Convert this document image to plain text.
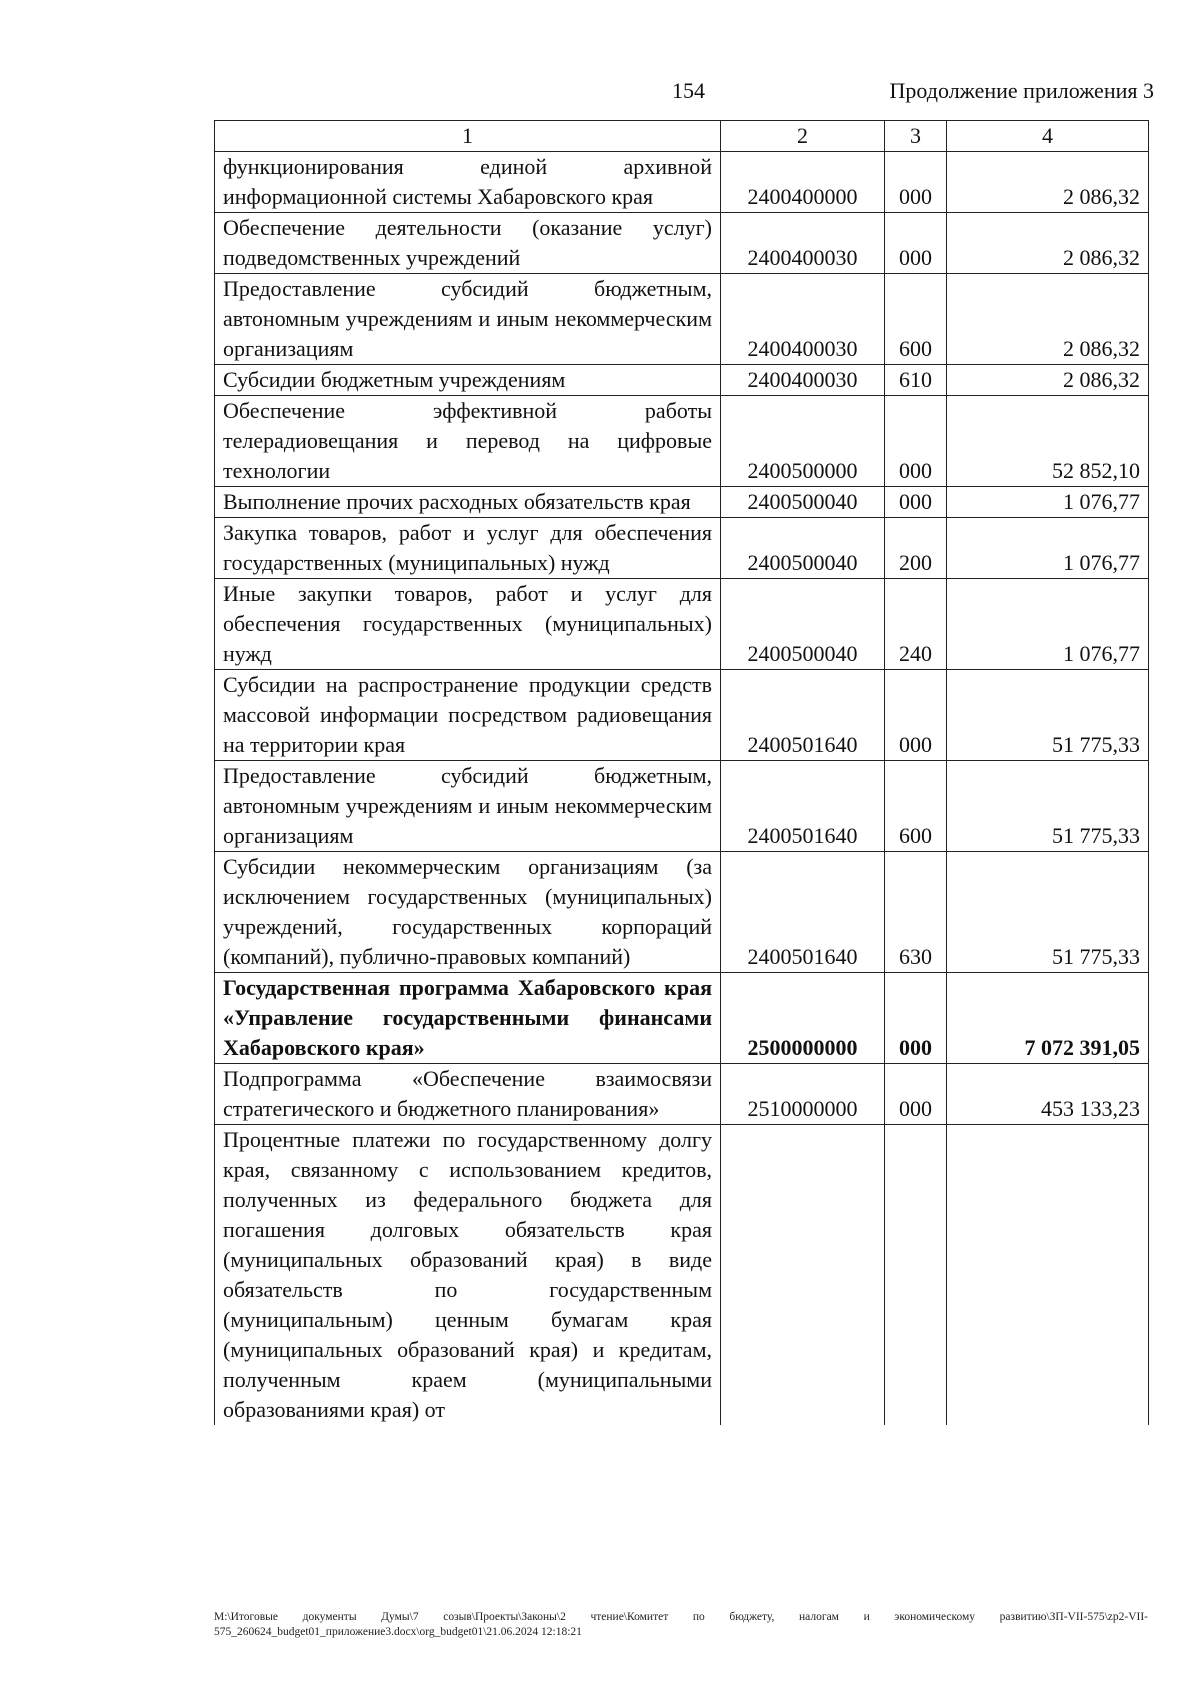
154	Продолжение приложения 3
1	2	3	4
функционирования единой архивной информационной системы Хабаровского края	2400400000	000	2 086,32
Обеспечение деятельности (оказание услуг) подведомственных учреждений	2400400030	000	2 086,32
Предоставление субсидий бюджетным, автономным учреждениям и иным некоммерческим организациям	2400400030	600	2 086,32
Субсидии бюджетным учреждениям	2400400030	610	2 086,32
Обеспечение эффективной работы телерадиовещания и перевод на цифровые технологии	2400500000	000	52 852,10
Выполнение прочих расходных обязательств края	2400500040	000	1 076,77
Закупка товаров, работ и услуг для обеспечения государственных (муниципальных) нужд	2400500040	200	1 076,77
Иные закупки товаров, работ и услуг для обеспечения государственных (муниципальных) нужд	2400500040	240	1 076,77
Субсидии на распространение продукции средств массовой информации посредством радиовещания на территории края	2400501640	000	51 775,33
Предоставление субсидий бюджетным, автономным учреждениям и иным некоммерческим организациям	2400501640	600	51 775,33
Субсидии некоммерческим организациям (за исключением государственных (муниципальных) учреждений, государственных корпораций (компаний), публично-правовых компаний)	2400501640	630	51 775,33
Государственная программа Хабаровского края «Управление государственными финансами Хабаровского края»	2500000000	000	7 072 391,05
Подпрограмма «Обеспечение взаимосвязи стратегического и бюджетного планирования»	2510000000	000	453 133,23
Процентные платежи по государственному долгу края, связанному с использованием кредитов, полученных из федерального бюджета для погашения долговых обязательств края (муниципальных образований края) в виде обязательств по государственным (муниципальным) ценным бумагам края (муниципальных образований края) и кредитам, полученным краем (муниципальными образованиями края) от			
M:\Итоговые документы Думы\7 созыв\Проекты\Законы\2 чтение\Комитет по бюджету, налогам и экономическому развитию\ЗП-VII-575\zp2-VII-575_260624_budget01_приложение3.docx\org_budget01\21.06.2024 12:18:21
